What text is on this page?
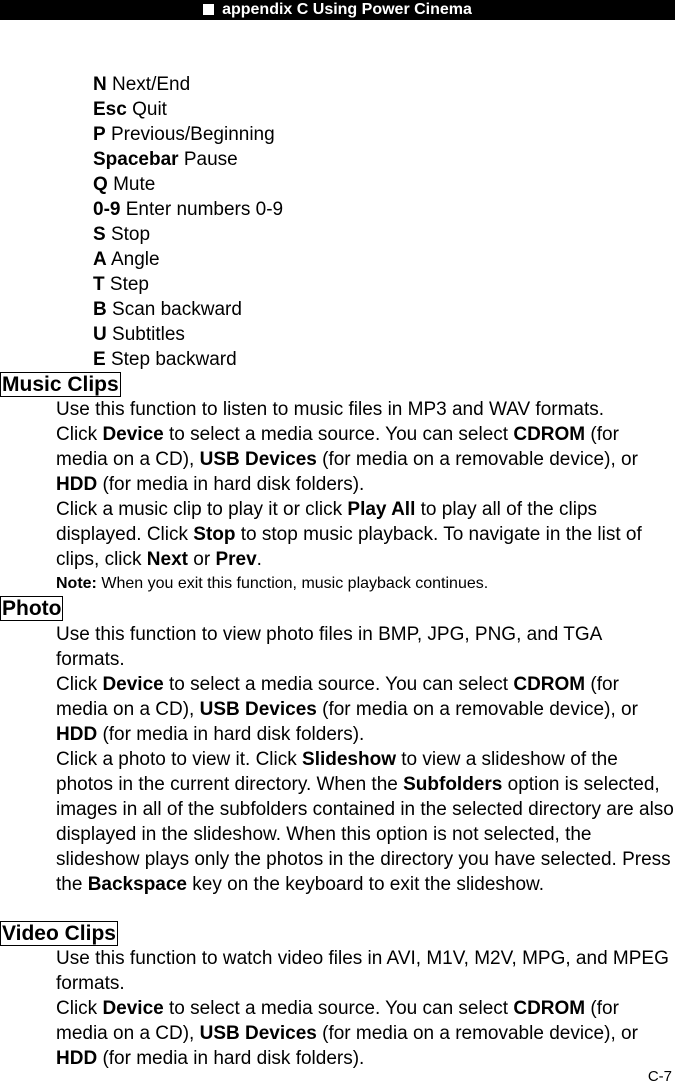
appendix C Using Power Cinema
N Next/End
Esc Quit
P Previous/Beginning
Spacebar Pause
Q Mute
0-9 Enter numbers 0-9
S Stop
A Angle
T Step
B Scan backward
U Subtitles
E Step backward
Music Clips
Use this function to listen to music files in MP3 and WAV formats.
Click Device to select a media source. You can select CDROM (for media on a CD), USB Devices (for media on a removable device), or HDD (for media in hard disk folders).
Click a music clip to play it or click Play All to play all of the clips displayed. Click Stop to stop music playback. To navigate in the list of clips, click Next or Prev.
Note: When you exit this function, music playback continues.
Photo
Use this function to view photo files in BMP, JPG, PNG, and TGA formats.
Click Device to select a media source. You can select CDROM (for media on a CD), USB Devices (for media on a removable device), or HDD (for media in hard disk folders).
Click a photo to view it. Click Slideshow to view a slideshow of the photos in the current directory. When the Subfolders option is selected, images in all of the subfolders contained in the selected directory are also displayed in the slideshow. When this option is not selected, the slideshow plays only the photos in the directory you have selected. Press the Backspace key on the keyboard to exit the slideshow.
Video Clips
Use this function to watch video files in AVI, M1V, M2V, MPG, and MPEG formats.
Click Device to select a media source. You can select CDROM (for media on a CD), USB Devices (for media on a removable device), or HDD (for media in hard disk folders).
C-7
